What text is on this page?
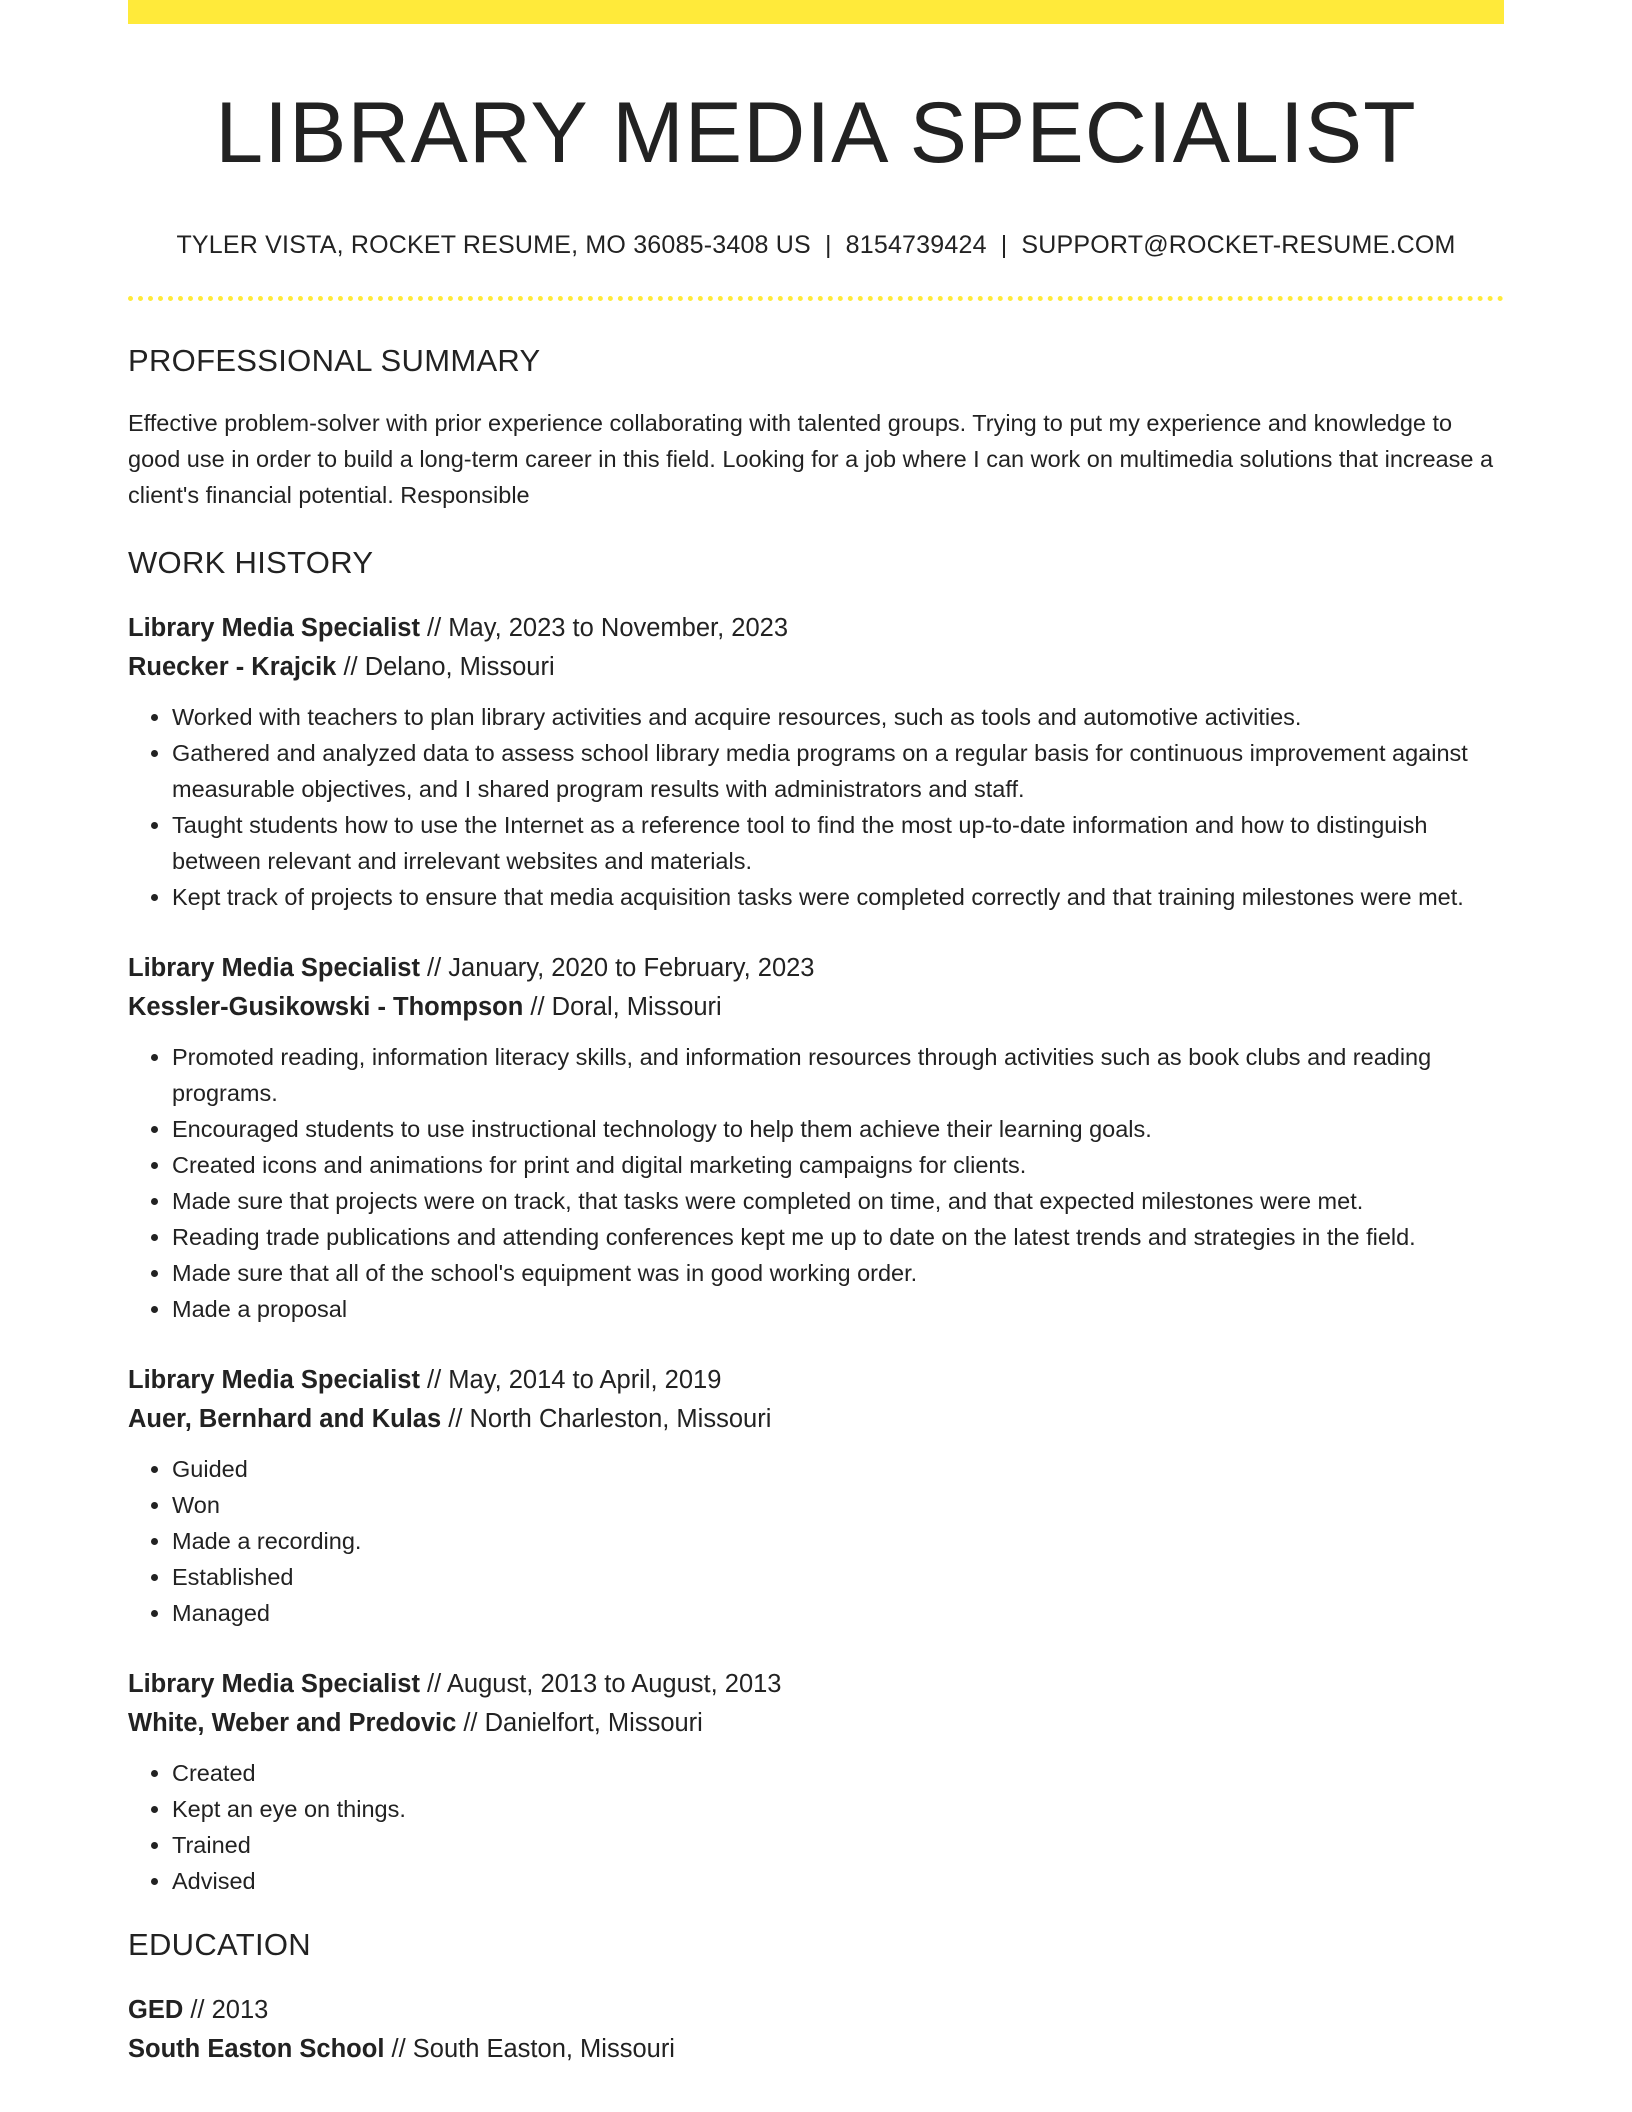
LIBRARY MEDIA SPECIALIST
TYLER VISTA, ROCKET RESUME, MO 36085-3408 US | 8154739424 | SUPPORT@ROCKET-RESUME.COM
PROFESSIONAL SUMMARY

Effective problem-solver with prior experience collaborating with talented groups. Trying to put my experience and knowledge to good use in order to build a long-term career in this field. Looking for a job where I can work on multimedia solutions that increase a client's financial potential. Responsible

WORK HISTORY
Library Media Specialist // May, 2023 to November, 2023
Ruecker - Krajcik // Delano, Missouri
• Worked with teachers to plan library activities and acquire resources, such as tools and automotive activities.
• Gathered and analyzed data to assess school library media programs on a regular basis for continuous improvement against measurable objectives, and I shared program results with administrators and staff.
• Taught students how to use the Internet as a reference tool to find the most up-to-date information and how to distinguish between relevant and irrelevant websites and materials.
• Kept track of projects to ensure that media acquisition tasks were completed correctly and that training milestones were met.
Library Media Specialist // January, 2020 to February, 2023
Kessler-Gusikowski - Thompson // Doral, Missouri
• Promoted reading, information literacy skills, and information resources through activities such as book clubs and reading programs.
• Encouraged students to use instructional technology to help them achieve their learning goals.
• Created icons and animations for print and digital marketing campaigns for clients.
• Made sure that projects were on track, that tasks were completed on time, and that expected milestones were met.
• Reading trade publications and attending conferences kept me up to date on the latest trends and strategies in the field.
• Made sure that all of the school's equipment was in good working order.
• Made a proposal
Library Media Specialist // May, 2014 to April, 2019
Auer, Bernhard and Kulas // North Charleston, Missouri
• Guided
• Won
• Made a recording.
• Established
• Managed
Library Media Specialist // August, 2013 to August, 2013
White, Weber and Predovic // Danielfort, Missouri
• Created
• Kept an eye on things.
• Trained
• Advised
EDUCATION
GED // 2013
South Easton School // South Easton, Missouri
